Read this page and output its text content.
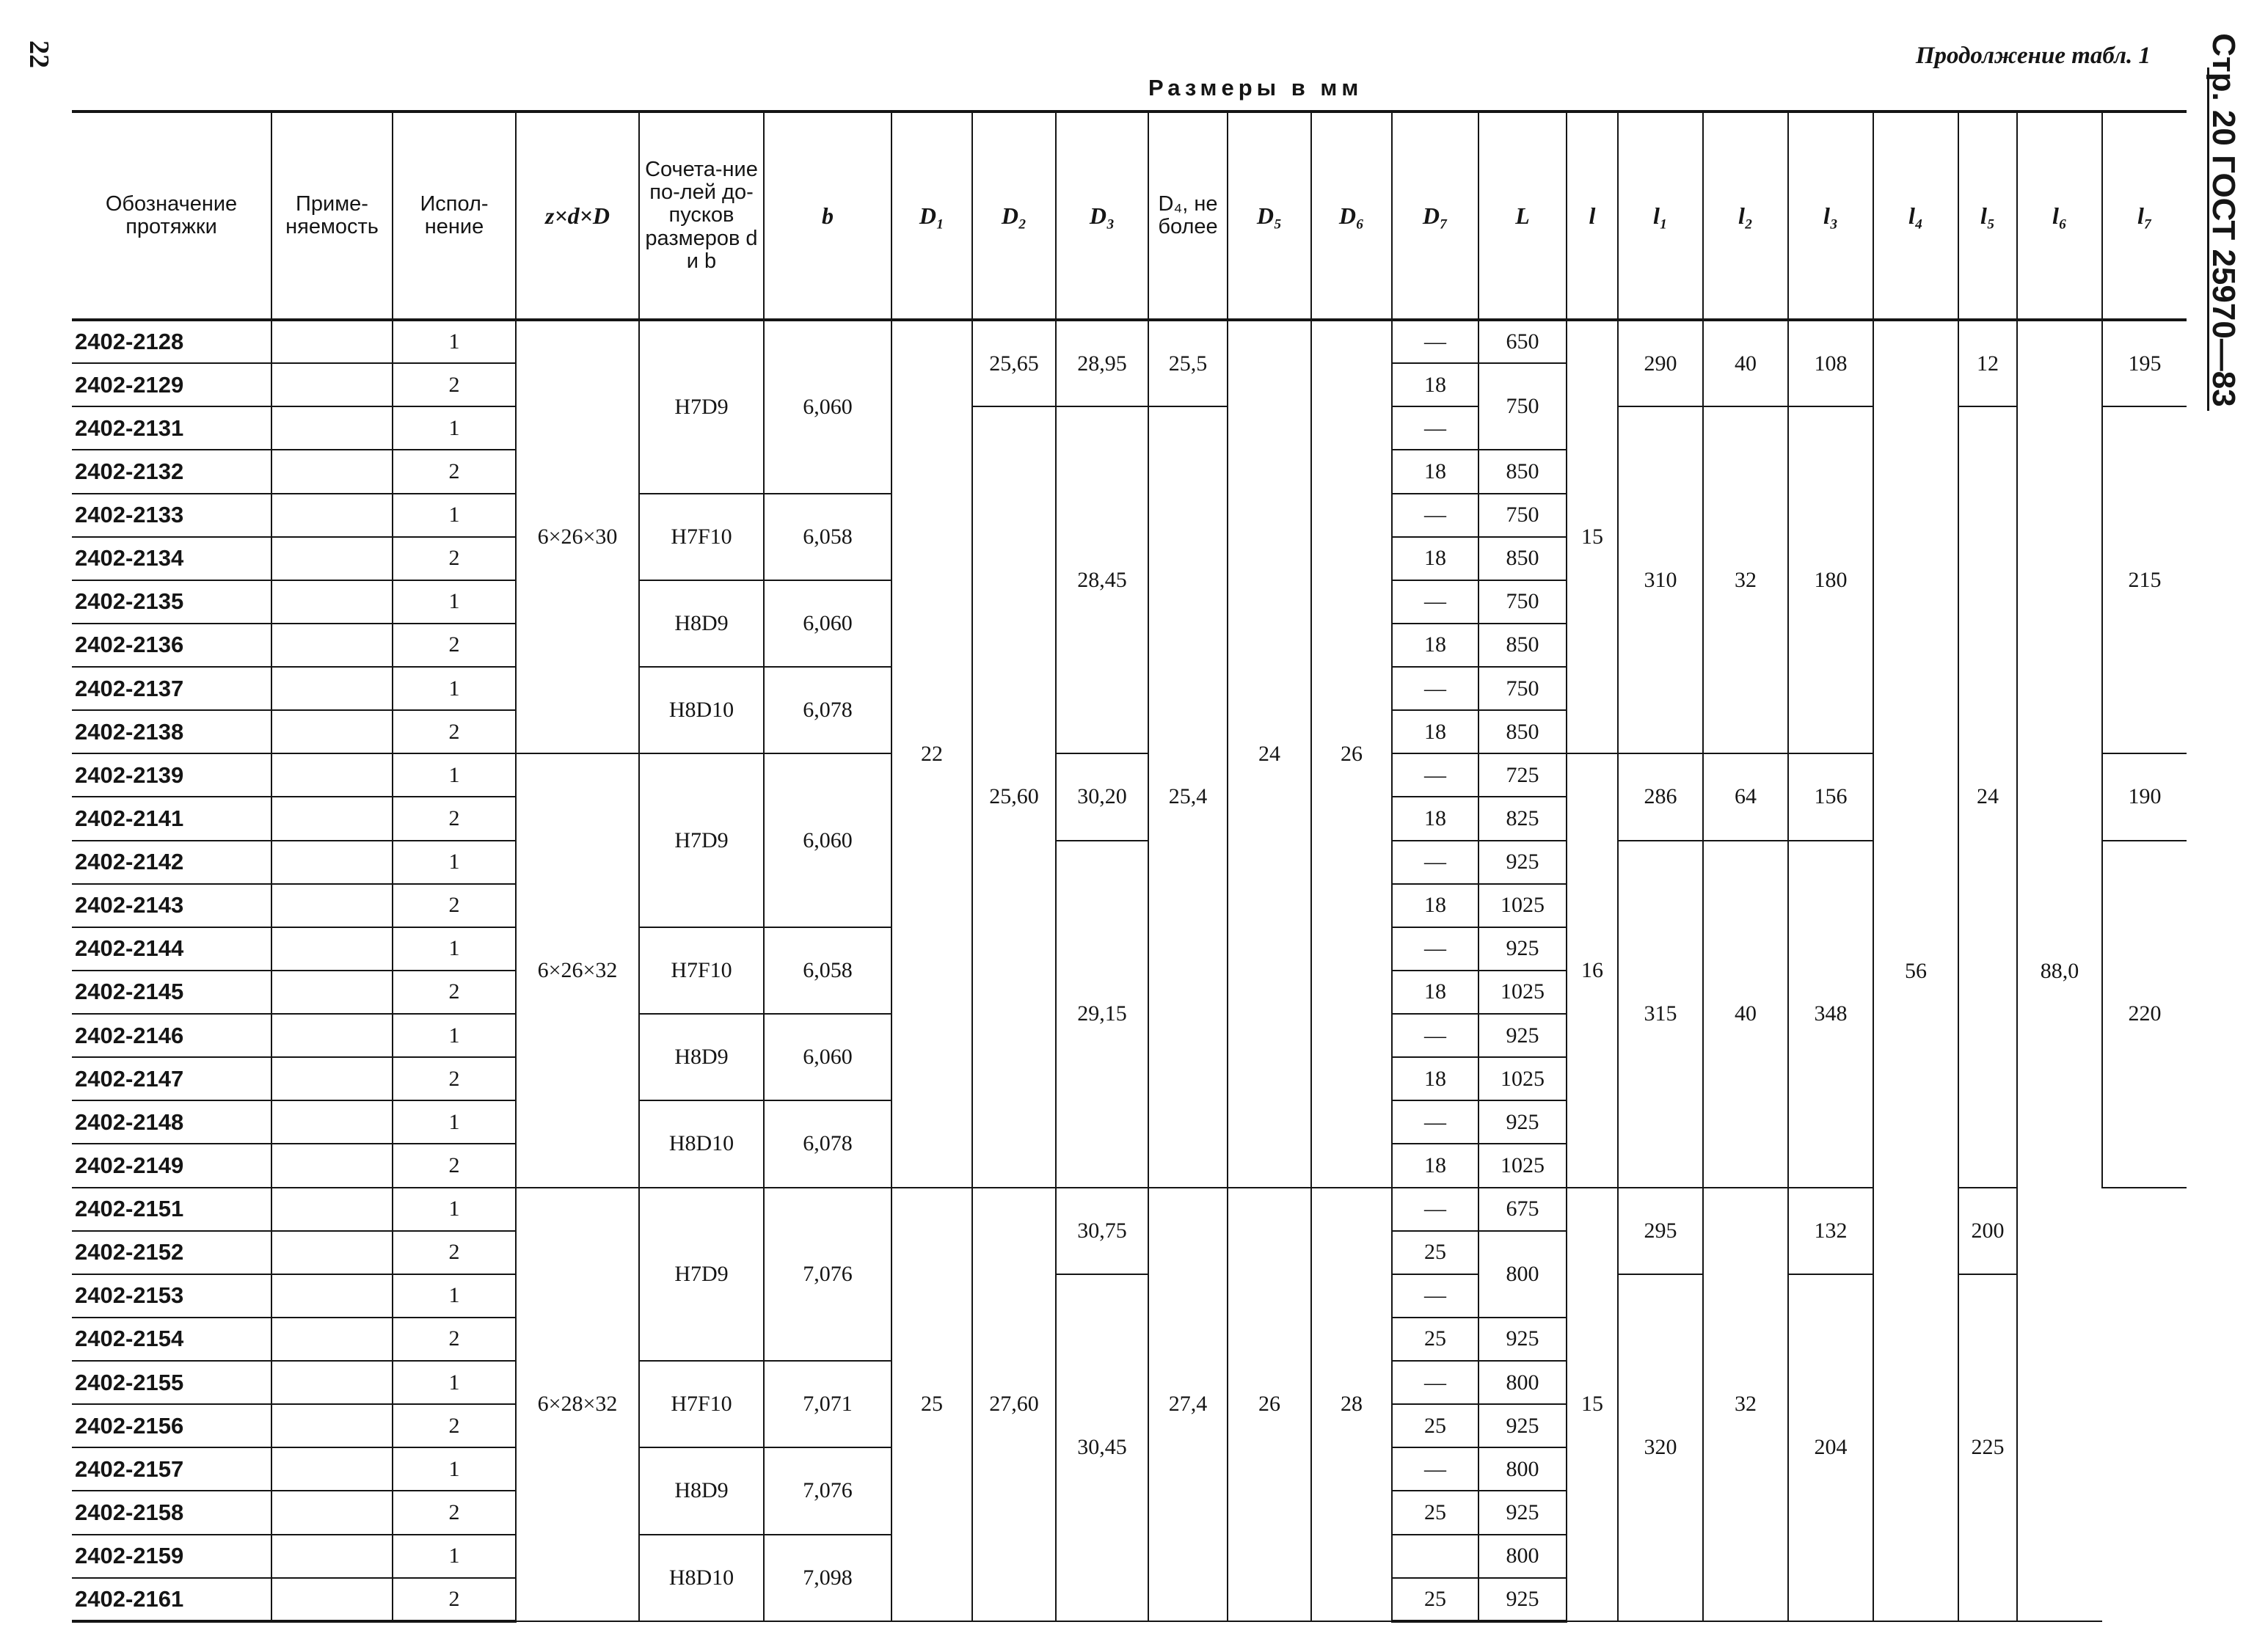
22	Продолжение табл. 1
Размеры в мм	Стр. 20 ГОСТ 25970—83
Обозначение протяжки	Приме-няемость	Испол-нение	z×d×D	Сочета-ние по-лей до-пусков размеров d и b	b	D₁	D₂	D₃	D₄, не более	D₅	D₆	D₇	L	l	l₁	l₂	l₃	l₄	l₅	l₆	l₇
2402-2128		1	6×26×30	H7D9	6,060	22	25,65	28,95	25,5	24	26	—	650	15	290	40	108	56	12	88,0	195
2402-2129		2										18	750								
2402-2131		1					25,60	28,45	25,4			—			310	32	180		24		215
2402-2132		2										18	850								
2402-2133		1		H7F10	6,058							—	750								
2402-2134		2										18	850								
2402-2135		1		H8D9	6,060							—	750								
2402-2136		2										18	850								
2402-2137		1		H8D10	6,078							—	750								
2402-2138		2										18	850								
2402-2139		1	6×26×32	H7D9	6,060			30,20				—	725	16	286	64	156				190
2402-2141		2										18	825								
2402-2142		1						29,15				—	925		315	40	348				220
2402-2143		2										18	1025								
2402-2144		1		H7F10	6,058							—	925								
2402-2145		2										18	1025								
2402-2146		1		H8D9	6,060							—	925								
2402-2147		2										18	1025								
2402-2148		1		H8D10	6,078							—	925								
2402-2149		2										18	1025								
2402-2151		1	6×28×32	H7D9	7,076	25	27,60	30,75	27,4	26	28	—	675	15	295	32	132		200		
2402-2152		2										25	800								
2402-2153		1						30,45				—			320		204		225		
2402-2154		2										25	925								
2402-2155		1		H7F10	7,071							—	800								
2402-2156		2										25	925								
2402-2157		1		H8D9	7,076							—	800								
2402-2158		2										25	925								
2402-2159		1		H8D10	7,098								800								
2402-2161		2										25	925								
